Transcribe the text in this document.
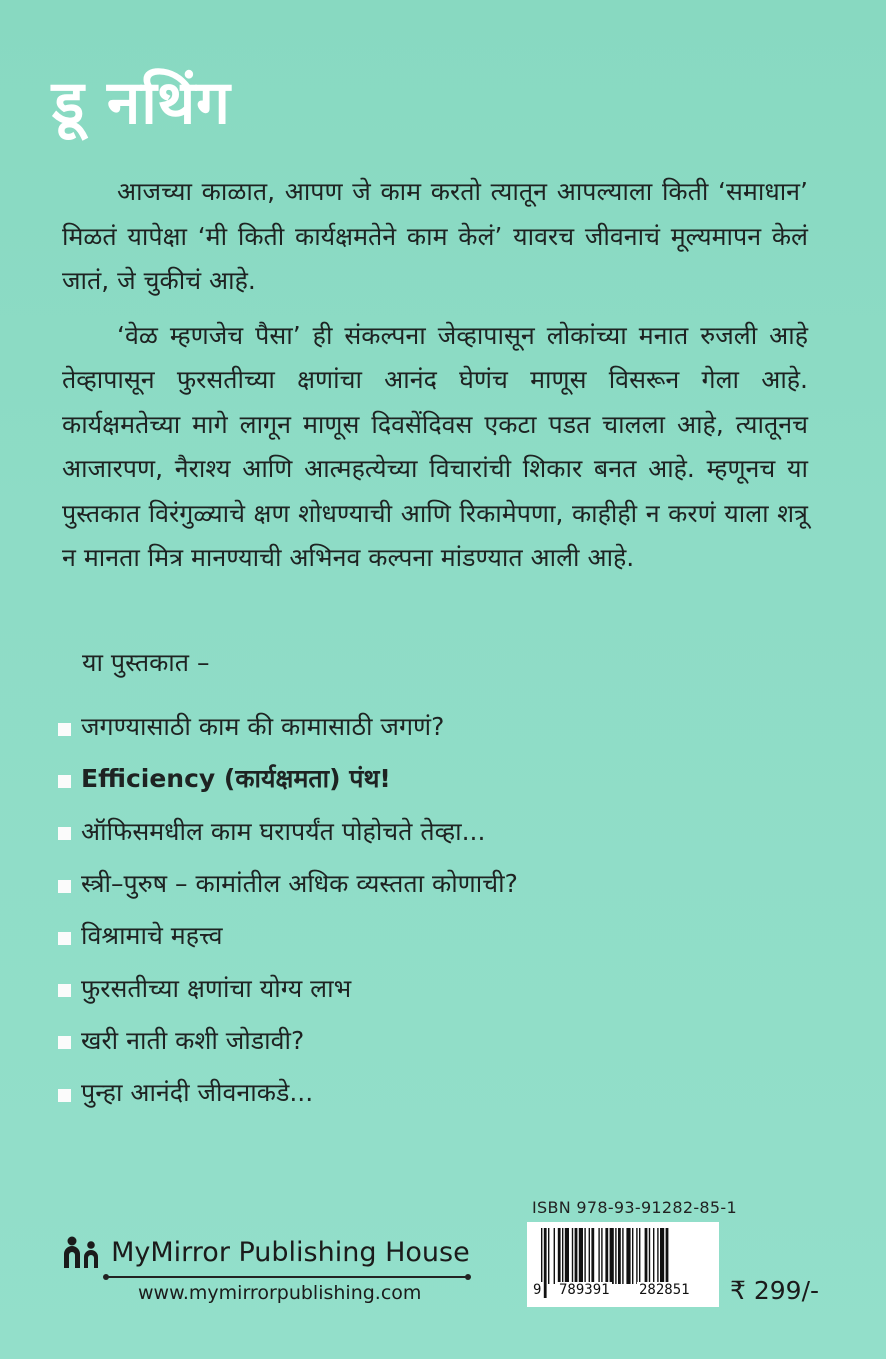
डू नथिंग

आजच्या काळात, आपण जे काम करतो त्यातून आपल्याला किती ‘समाधान’ मिळतं यापेक्षा ‘मी किती कार्यक्षमतेने काम केलं’ यावरच जीवनाचं मूल्यमापन केलं जातं, जे चुकीचं आहे.

‘वेळ म्हणजेच पैसा’ ही संकल्पना जेव्हापासून लोकांच्या मनात रुजली आहे तेव्हापासून फुरसतीच्या क्षणांचा आनंद घेणंच माणूस विसरून गेला आहे. कार्यक्षमतेच्या मागे लागून माणूस दिवसेंदिवस एकटा पडत चालला आहे, त्यातूनच आजारपण, नैराश्य आणि आत्महत्येच्या विचारांची शिकार बनत आहे. म्हणूनच या पुस्तकात विरंगुळ्याचे क्षण शोधण्याची आणि रिकामेपणा, काहीही न करणं याला शत्रू न मानता मित्र मानण्याची अभिनव कल्पना मांडण्यात आली आहे.

या पुस्तकात –
जगण्यासाठी काम की कामासाठी जगणं?
Efficiency (कार्यक्षमता) पंथ!
ऑफिसमधील काम घरापर्यंत पोहोचते तेव्हा...
स्त्री–पुरुष – कामांतील अधिक व्यस्तता कोणाची?
विश्रामाचे महत्त्व
फुरसतीच्या क्षणांचा योग्य लाभ
खरी नाती कशी जोडावी?
पुन्हा आनंदी जीवनाकडे...
MyMirror Publishing House
www.mymirrorpublishing.com
ISBN 978-93-91282-85-1
9 789391 282851 ₹ 299/-
